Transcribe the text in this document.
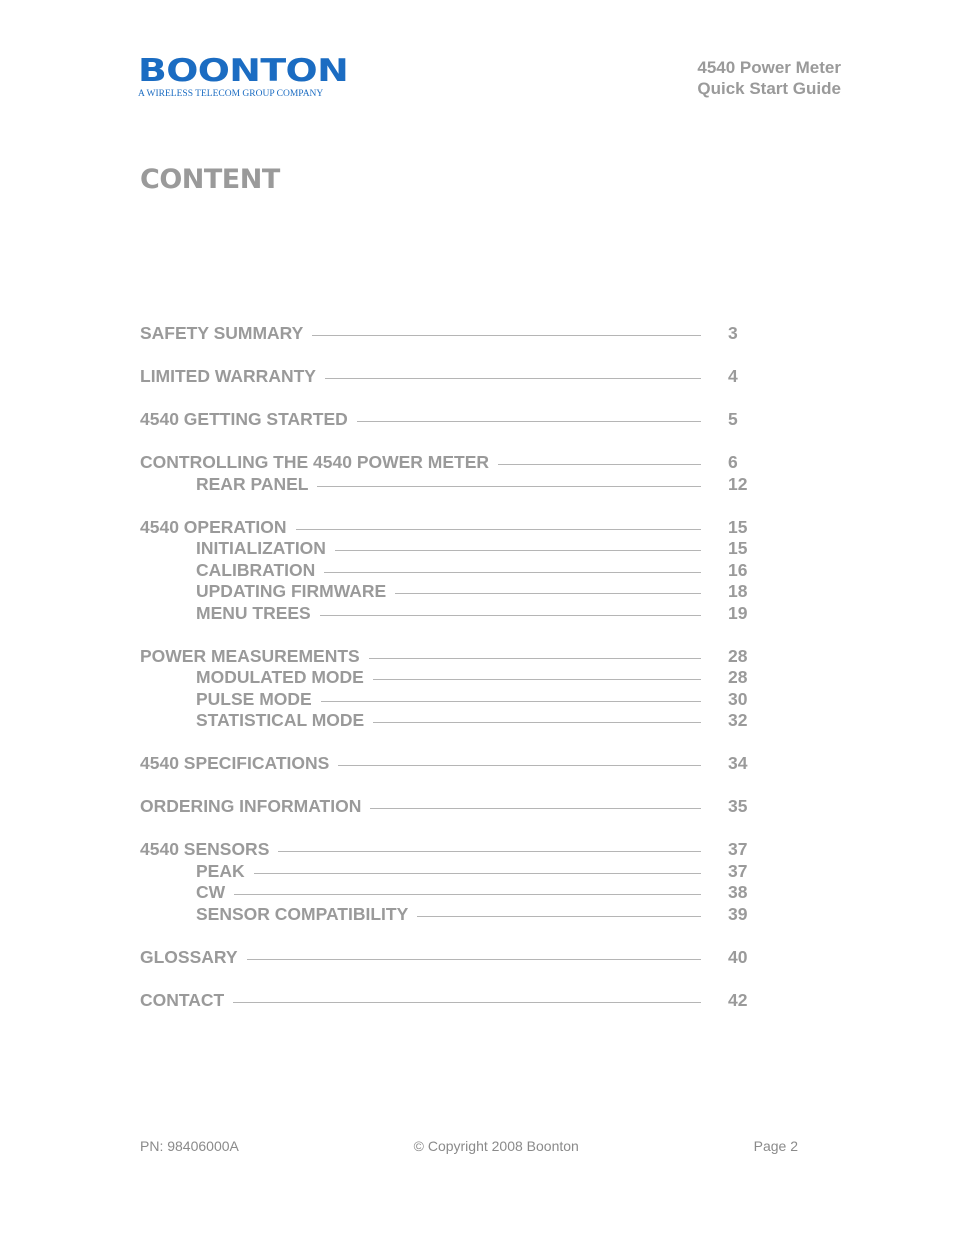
BOONTON
A WIRELESS TELECOM GROUP COMPANY
4540 Power Meter
Quick Start Guide
CONTENT
SAFETY SUMMARY	3
LIMITED WARRANTY	4
4540 GETTING STARTED	5
CONTROLLING THE 4540 POWER METER	6
REAR PANEL	12
4540 OPERATION	15
INITIALIZATION	15
CALIBRATION	16
UPDATING FIRMWARE	18
MENU TREES	19
POWER MEASUREMENTS	28
MODULATED MODE	28
PULSE MODE	30
STATISTICAL MODE	32
4540 SPECIFICATIONS	34
ORDERING INFORMATION	35
4540 SENSORS	37
PEAK	37
CW	38
SENSOR COMPATIBILITY	39
GLOSSARY	40
CONTACT	42
PN: 98406000A	© Copyright 2008 Boonton	Page 2
